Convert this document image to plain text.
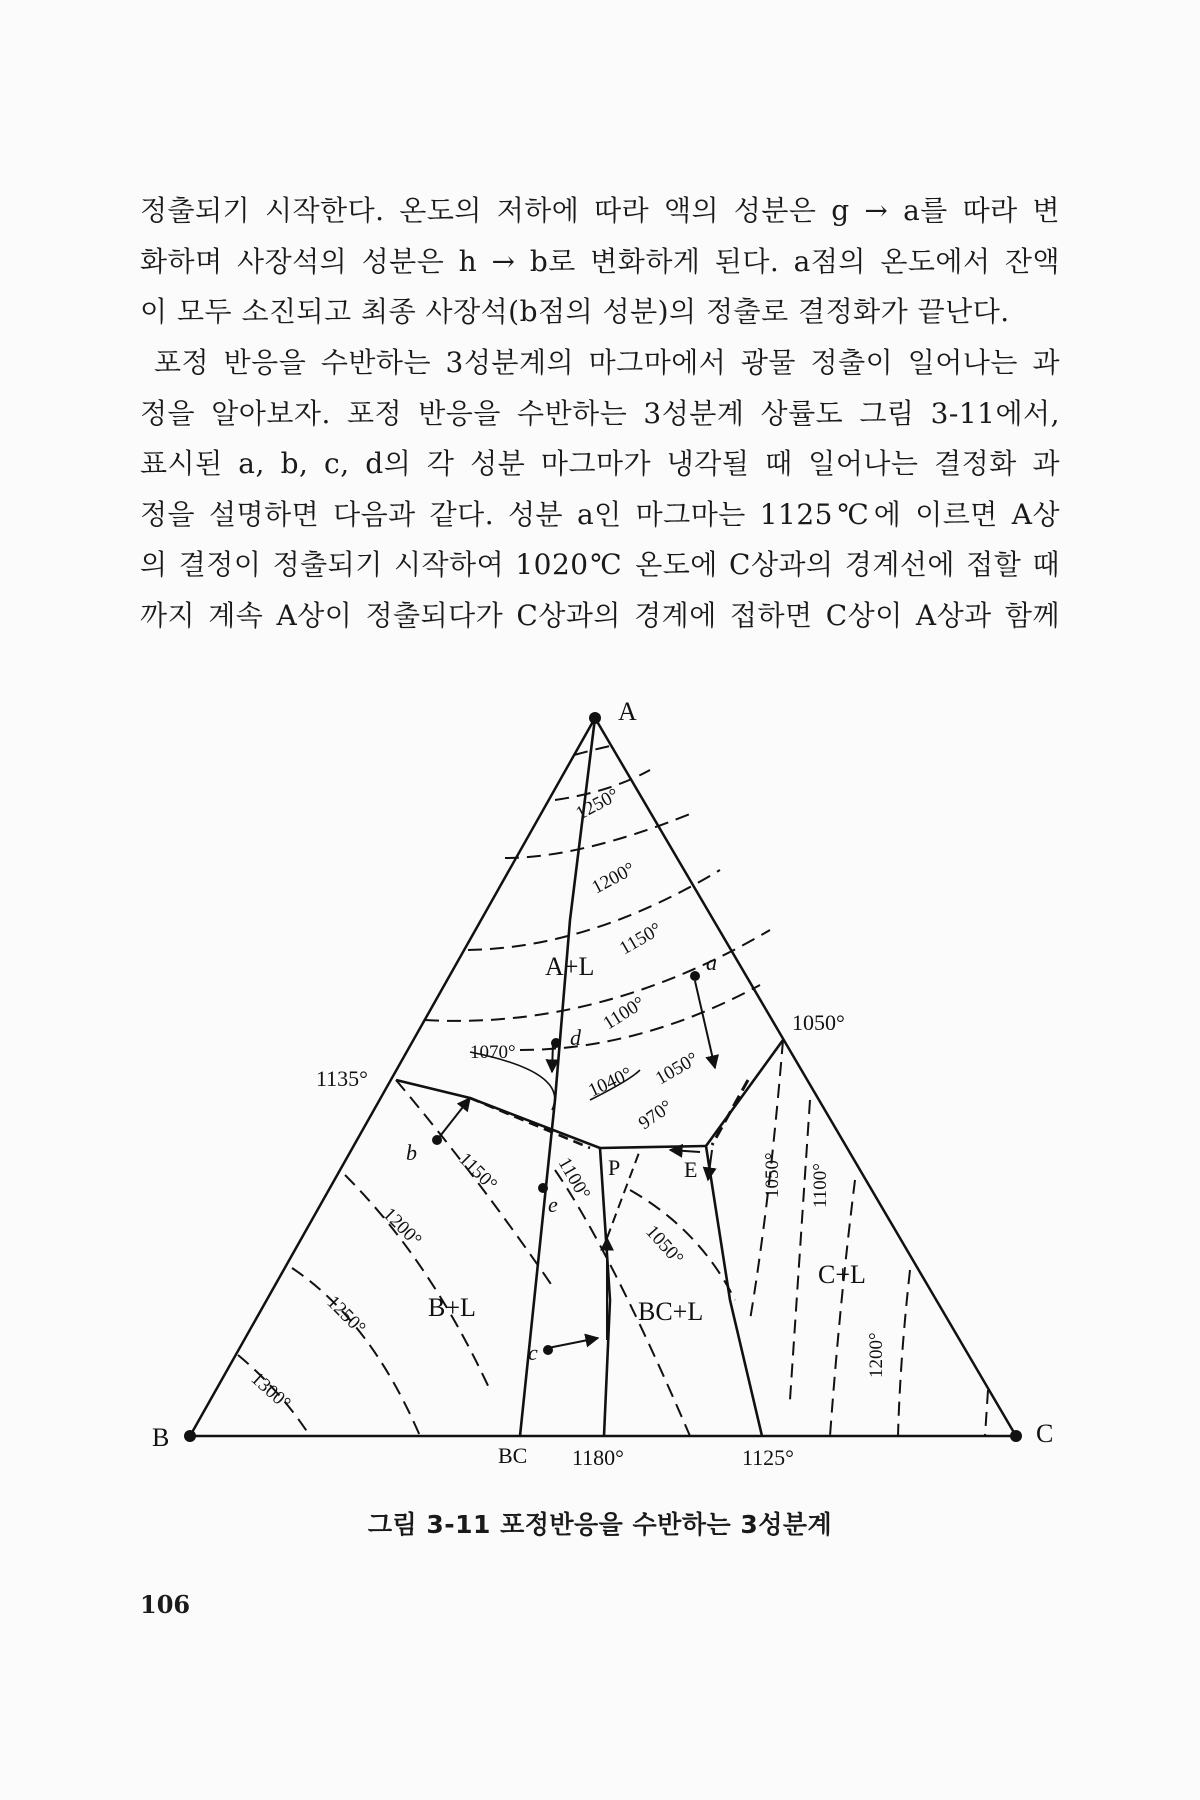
정출되기 시작한다. 온도의 저하에 따라 액의 성분은 g → a를 따라 변
화하며 사장석의 성분은 h → b로 변화하게 된다. a점의 온도에서 잔액
이 모두 소진되고 최종 사장석(b점의 성분)의 정출로 결정화가 끝난다.
포정 반응을 수반하는 3성분계의 마그마에서 광물 정출이 일어나는 과
정을 알아보자. 포정 반응을 수반하는 3성분계 상률도 그림 3-11에서,
표시된 a, b, c, d의 각 성분 마그마가 냉각될 때 일어나는 결정화 과
정을 설명하면 다음과 같다. 성분 a인 마그마는 1125℃에 이르면 A상
의 결정이 정출되기 시작하여 1020℃ 온도에 C상과의 경계선에 접할 때
까지 계속 A상이 정출되다가 C상과의 경계에 접하면 C상이 A상과 함께
A
B	C
A+L
B+L	BC+L
C+L
P	E
a
b
c
d
e
BC
1250°
1200°
1150°
1100°
1050°
1040°
1070°
970°
1050°
1135°
1150°
1200°
1250°
1300°
1100°
1050°
1050° 1100°
1200°
1180°	1125°
그림 3-11 포정반응을 수반하는 3성분계
106
